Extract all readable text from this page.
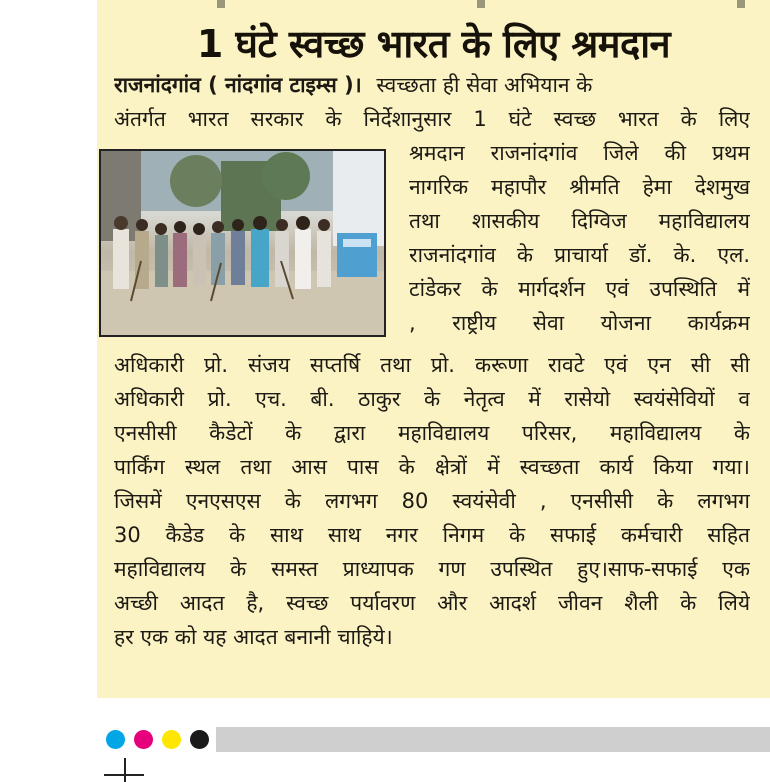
1 घंटे स्वच्छ भारत के लिए श्रमदान
राजनांदगांव ( नांदगांव टाइम्स )। स्वच्छता ही सेवा अभियान के
अंतर्गत भारत सरकार के निर्देशानुसार 1 घंटे स्वच्छ भारत के लिए
श्रमदान राजनांदगांव जिले की प्रथम
नागरिक महापौर श्रीमति हेमा देशमुख
तथा शासकीय दिग्विज महाविद्यालय
राजनांदगांव के प्राचार्या डॉ. के. एल.
टांडेकर के मार्गदर्शन एवं उपस्थिति में
, राष्ट्रीय सेवा योजना कार्यक्रम
अधिकारी प्रो. संजय सप्तर्षि तथा प्रो. करूणा रावटे एवं एन सी सी
अधिकारी प्रो. एच. बी. ठाकुर के नेतृत्व में रासेयो स्वयंसेवियों व
एनसीसी कैडेटों के द्वारा महाविद्यालय परिसर, महाविद्यालय के
पार्किंग स्थल तथा आस पास के क्षेत्रों में स्वच्छता कार्य किया गया।
जिसमें एनएसएस के लगभग 80 स्वयंसेवी , एनसीसी के लगभग
30 कैडेड के साथ साथ नगर निगम के सफाई कर्मचारी सहित
महाविद्यालय के समस्त प्राध्यापक गण उपस्थित हुए।साफ-सफाई एक
अच्छी आदत है, स्वच्छ पर्यावरण और आदर्श जीवन शैली के लिये
हर एक को यह आदत बनानी चाहिये।
